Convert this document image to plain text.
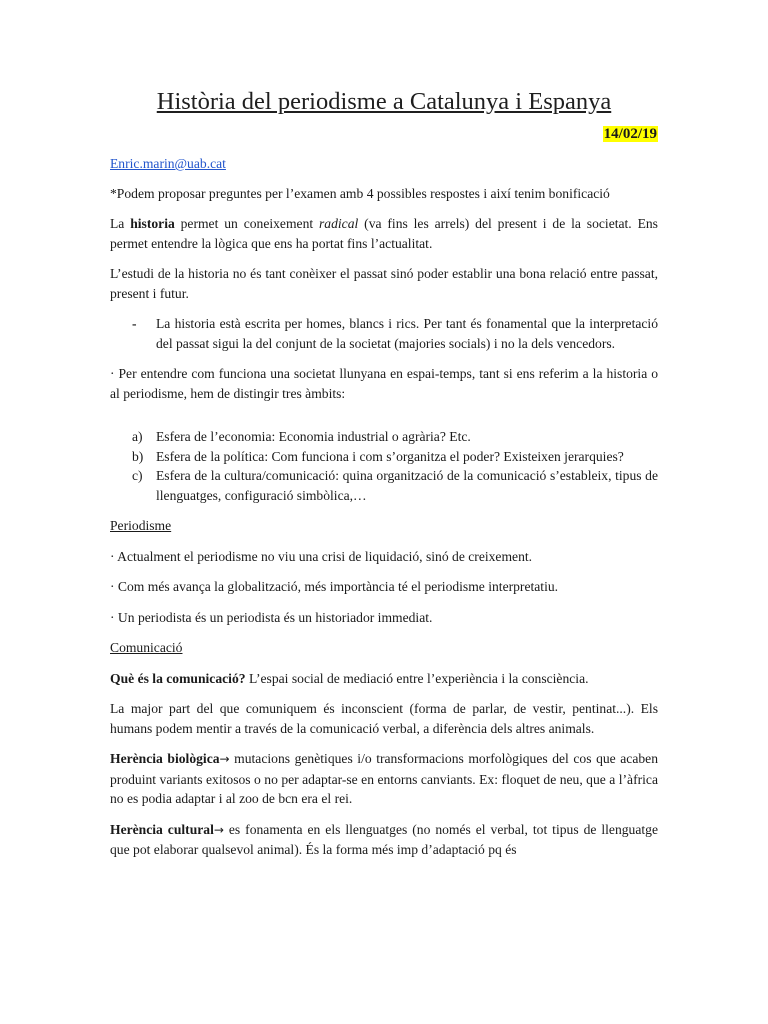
Història del periodisme a Catalunya i Espanya
14/02/19

Enric.marin@uab.cat

*Podem proposar preguntes per l’examen amb 4 possibles respostes i així tenim bonificació

La historia permet un coneixement radical (va fins les arrels) del present i de la societat. Ens permet entendre la lògica que ens ha portat fins l’actualitat.

L’estudi de la historia no és tant conèixer el passat sinó poder establir una bona relació entre passat, present i futur.

-	La historia està escrita per homes, blancs i rics. Per tant és fonamental que la interpretació del passat sigui la del conjunt de la societat (majories socials) i no la dels vencedors.

· Per entendre com funciona una societat llunyana en espai-temps, tant si ens referim a la historia o al periodisme, hem de distingir tres àmbits:

a) Esfera de l’economia: Economia industrial o agrària? Etc.
b) Esfera de la política: Com funciona i com s’organitza el poder? Existeixen jerarquies?
c) Esfera de la cultura/comunicació: quina organització de la comunicació s’estableix, tipus de llenguatges, configuració simbòlica,…

Periodisme

· Actualment el periodisme no viu una crisi de liquidació, sinó de creixement.

· Com més avança la globalització, més importància té el periodisme interpretatiu.

· Un periodista és un periodista és un historiador immediat.

Comunicació

Què és la comunicació? L’espai social de mediació entre l’experiència i la consciència.

La major part del que comuniquem és inconscient (forma de parlar, de vestir, pentinat...). Els humans podem mentir a través de la comunicació verbal, a diferència dels altres animals.

Herència biològica→ mutacions genètiques i/o transformacions morfològiques del cos que acaben produint variants exitosos o no per adaptar-se en entorns canviants. Ex: floquet de neu, que a l’àfrica no es podia adaptar i al zoo de bcn era el rei.

Herència cultural→ es fonamenta en els llenguatges (no només el verbal, tot tipus de llenguatge que pot elaborar qualsevol animal). És la forma més imp d’adaptació pq és
